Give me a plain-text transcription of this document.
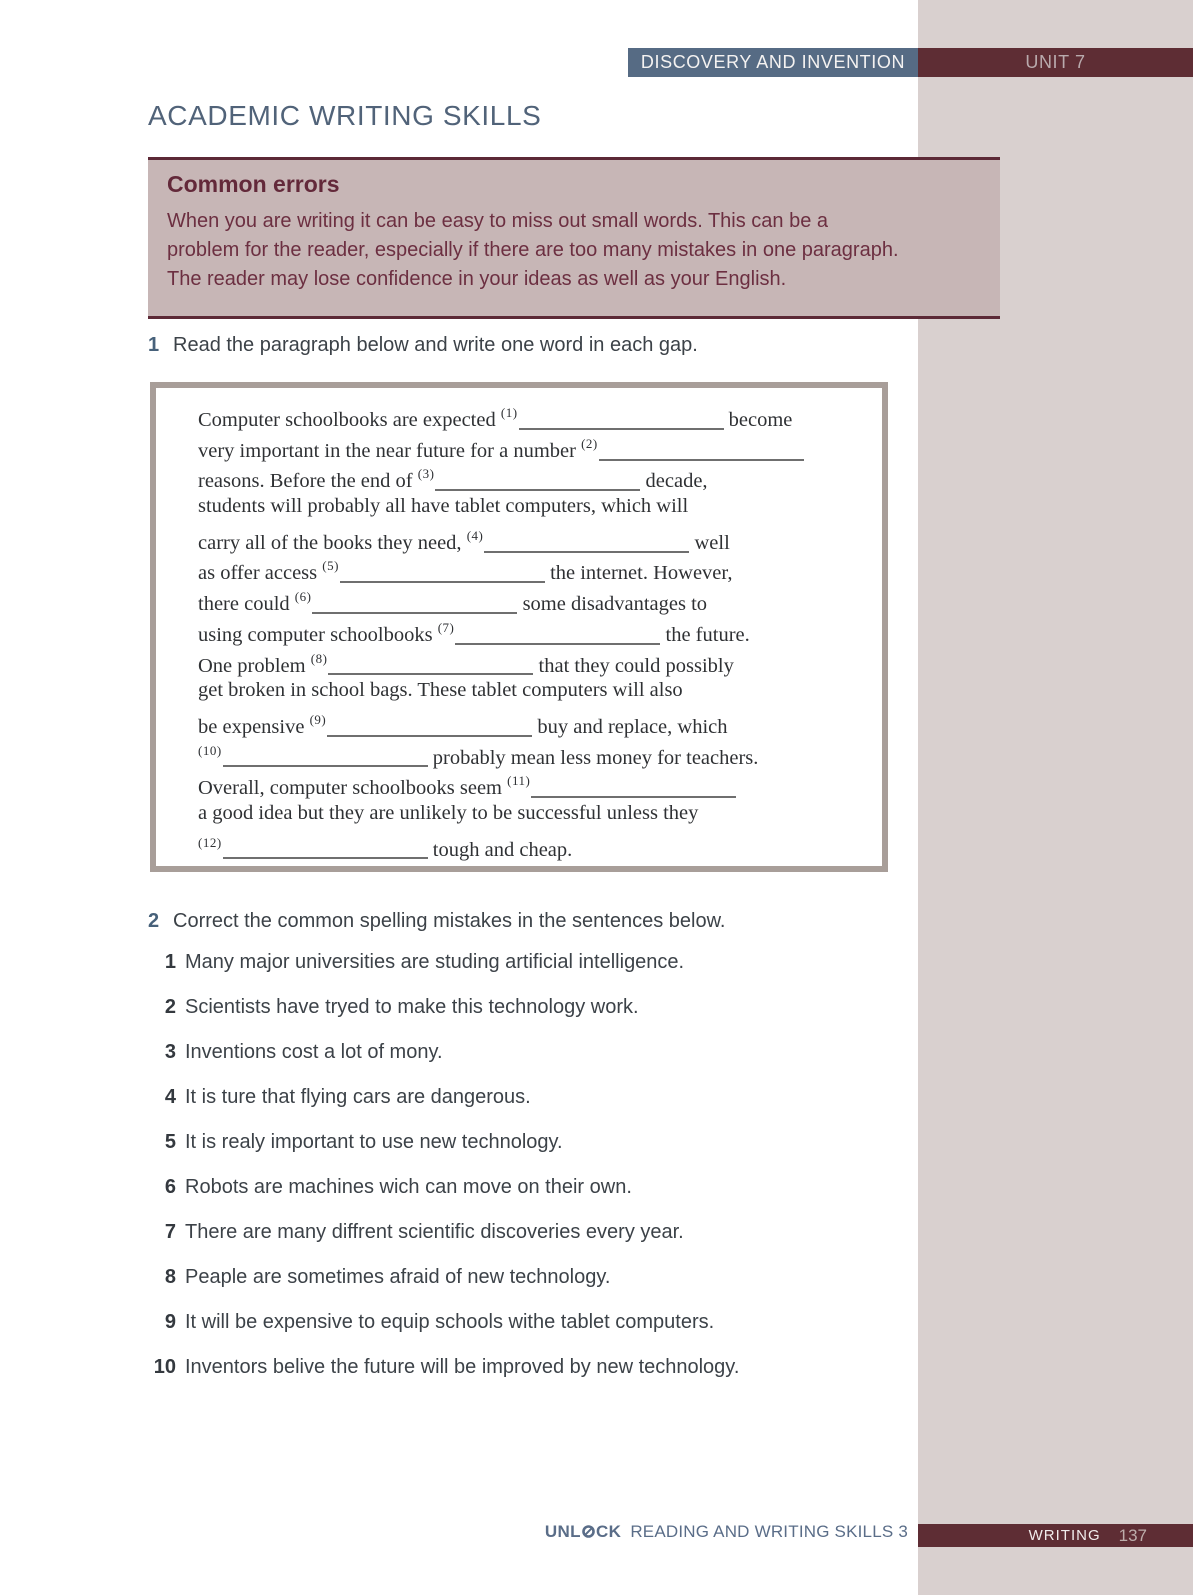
DISCOVERY AND INVENTION	UNIT 7
ACADEMIC WRITING SKILLS
Common errors
When you are writing it can be easy to miss out small words. This can be a
problem for the reader, especially if there are too many mistakes in one paragraph.
The reader may lose confidence in your ideas as well as your English.
1 Read the paragraph below and write one word in each gap.
Computer schoolbooks are expected $^{(1)}$	become
very important in the near future for a number $^{(2)}$
reasons. Before the end of $^{(3)}$	decade,
students will probably all have tablet computers, which will
carry all of the books they need, $^{(4)}$	well
as offer access $^{(5)}$	the internet. However,
there could $^{(6)}$	some disadvantages to
using computer schoolbooks $^{(7)}$	the future.
One problem $^{(8)}$	that they could possibly
get broken in school bags. These tablet computers will also
be expensive $^{(9)}$	buy and replace, which
$^{(10)}$	probably mean less money for teachers.
Overall, computer schoolbooks seem $^{(11)}$
a good idea but they are unlikely to be successful unless they
$^{(12)}$	tough and cheap.
2 Correct the common spelling mistakes in the sentences below.
1 Many major universities are studing artificial intelligence.
2 Scientists have tryed to make this technology work.
3 Inventions cost a lot of mony.
4 It is ture that flying cars are dangerous.
5 It is realy important to use new technology.
6 Robots are machines wich can move on their own.
7 There are many diffrent scientific discoveries every year.
8 Peaple are sometimes afraid of new technology.
9 It will be expensive to equip schools withe tablet computers.
10 Inventors belive the future will be improved by new technology.
UNL CK READING AND WRITING SKILLS 3	WRITING 137
